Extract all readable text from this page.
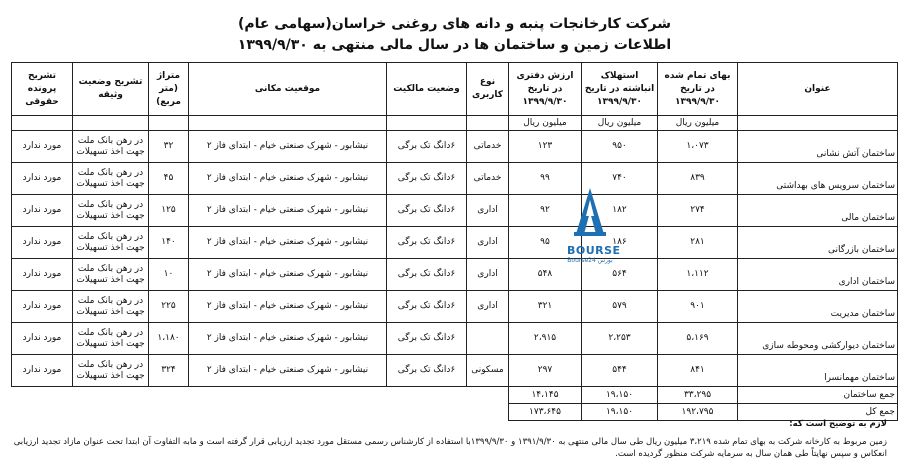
شرکت کارخانجات پنبه و دانه های روغنی خراسان(سهامی عام)
اطلاعات زمین و ساختمان ها در سال مالی منتهی به ۱۳۹۹/۹/۳۰
عنوان	بهای تمام شده در تاریخ ۱۳۹۹/۹/۳۰	استهلاک انباشته در تاریخ ۱۳۹۹/۹/۳۰	ارزش دفتری در تاریخ ۱۳۹۹/۹/۳۰	نوع کاربری	وضعیت مالکیت	موقعیت مکانی	متراژ (متر مربع)	تشریح وضعیت وثیقه	تشریح پرونده حقوقی
	میلیون ریال	میلیون ریال	میلیون ریال						
ساختمان آتش نشانی	۱،۰۷۳	۹۵۰	۱۲۳	خدماتی	۶دانگ تک برگی	نیشابور - شهرک صنعتی خیام - ابتدای فاز ۲	۳۲	در رهن بانک ملت جهت اخذ تسهیلات	مورد ندارد
ساختمان سرویس های بهداشتی	۸۳۹	۷۴۰	۹۹	خدماتی	۶دانگ تک برگی	نیشابور - شهرک صنعتی خیام - ابتدای فاز ۲	۴۵	در رهن بانک ملت جهت اخذ تسهیلات	مورد ندارد
ساختمان مالی	۲۷۴	۱۸۲	۹۲	اداری	۶دانگ تک برگی	نیشابور - شهرک صنعتی خیام - ابتدای فاز ۲	۱۲۵	در رهن بانک ملت جهت اخذ تسهیلات	مورد ندارد
ساختمان بازرگانی	۲۸۱	۱۸۶	۹۵	اداری	۶دانگ تک برگی	نیشابور - شهرک صنعتی خیام - ابتدای فاز ۲	۱۴۰	در رهن بانک ملت جهت اخذ تسهیلات	مورد ندارد
ساختمان اداری	۱،۱۱۲	۵۶۴	۵۴۸	اداری	۶دانگ تک برگی	نیشابور - شهرک صنعتی خیام - ابتدای فاز ۲	۱۰	در رهن بانک ملت جهت اخذ تسهیلات	مورد ندارد
ساختمان مدیریت	۹۰۱	۵۷۹	۳۲۱	اداری	۶دانگ تک برگی	نیشابور - شهرک صنعتی خیام - ابتدای فاز ۲	۲۲۵	در رهن بانک ملت جهت اخذ تسهیلات	مورد ندارد
ساختمان دیوارکشی ومحوطه سازی	۵،۱۶۹	۲،۲۵۳	۲،۹۱۵		۶دانگ تک برگی	نیشابور - شهرک صنعتی خیام - ابتدای فاز ۲	۱،۱۸۰	در رهن بانک ملت جهت اخذ تسهیلات	مورد ندارد
ساختمان مهمانسرا	۸۴۱	۵۴۴	۲۹۷	مسکونی	۶دانگ تک برگی	نیشابور - شهرک صنعتی خیام - ابتدای فاز ۲	۳۲۴	در رهن بانک ملت جهت اخذ تسهیلات	مورد ندارد
جمع ساختمان	۳۳،۲۹۵	۱۹،۱۵۰	۱۴،۱۴۵						
جمع کل	۱۹۲،۷۹۵	۱۹،۱۵۰	۱۷۳،۶۴۵						
BOURSE
Bourse24 بورس
لازم به توضیح است که:
زمین مربوط به کارخانه شرکت به بهای تمام شده ۳،۲۱۹ میلیون ریال طی سال مالی منتهی به ۱۳۹۱/۹/۳۰ و ۱۳۹۹/۹/۳۰با استفاده از کارشناس رسمی مستقل مورد تجدید ارزیابی قرار گرفته است و مابه التفاوت آن ابتدا تحت عنوان مازاد تجدید ارزیابی انعکاس و سپس نهایتاً طی همان سال به سرمایه شرکت منظور گردیده است.
